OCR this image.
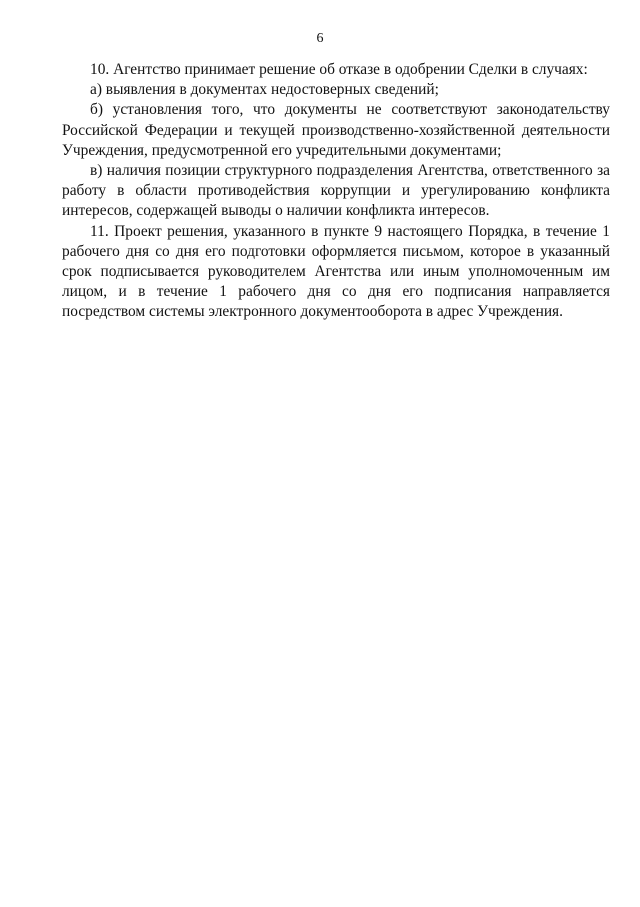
6

10. Агентство принимает решение об отказе в одобрении Сделки в случаях:

а) выявления в документах недостоверных сведений;

б) установления того, что документы не соответствуют законодательству Российской Федерации и текущей производственно-хозяйственной деятельности Учреждения, предусмотренной его учредительными документами;

в) наличия позиции структурного подразделения Агентства, ответственного за работу в области противодействия коррупции и урегулированию конфликта интересов, содержащей выводы о наличии конфликта интересов.

11. Проект решения, указанного в пункте 9 настоящего Порядка, в течение 1 рабочего дня со дня его подготовки оформляется письмом, которое в указанный срок подписывается руководителем Агентства или иным уполномоченным им лицом, и в течение 1 рабочего дня со дня его подписания направляется посредством системы электронного документооборота в адрес Учреждения.
